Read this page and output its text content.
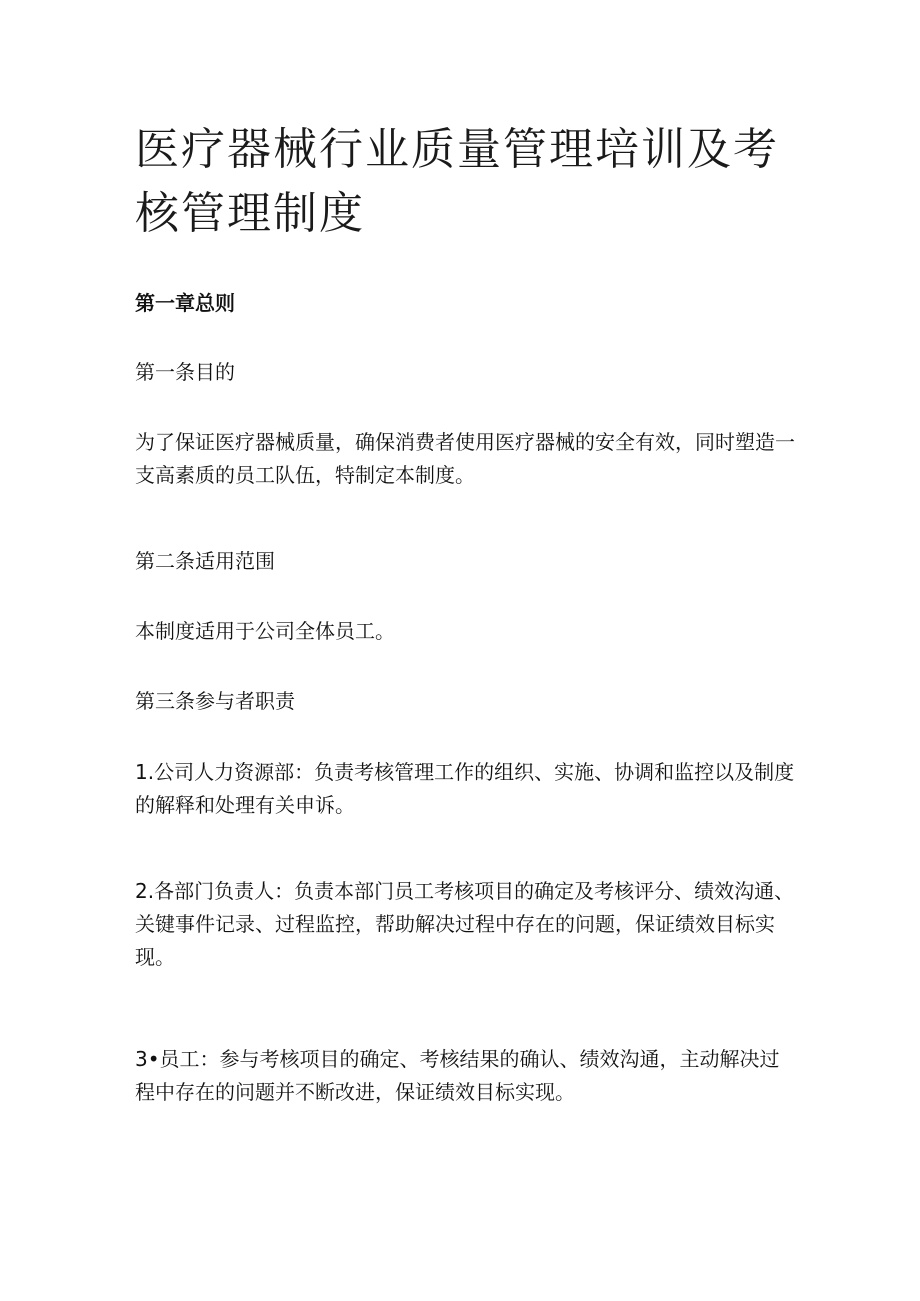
医疗器械行业质量管理培训及考核管理制度

第一章总则

第一条目的

为了保证医疗器械质量，确保消费者使用医疗器械的安全有效，同时塑造一支高素质的员工队伍，特制定本制度。

第二条适用范围

本制度适用于公司全体员工。

第三条参与者职责

1.公司人力资源部：负责考核管理工作的组织、实施、协调和监控以及制度的解释和处理有关申诉。

2.各部门负责人：负责本部门员工考核项目的确定及考核评分、绩效沟通、关键事件记录、过程监控，帮助解决过程中存在的问题，保证绩效目标实现。

3•员工：参与考核项目的确定、考核结果的确认、绩效沟通，主动解决过程中存在的问题并不断改进，保证绩效目标实现。
